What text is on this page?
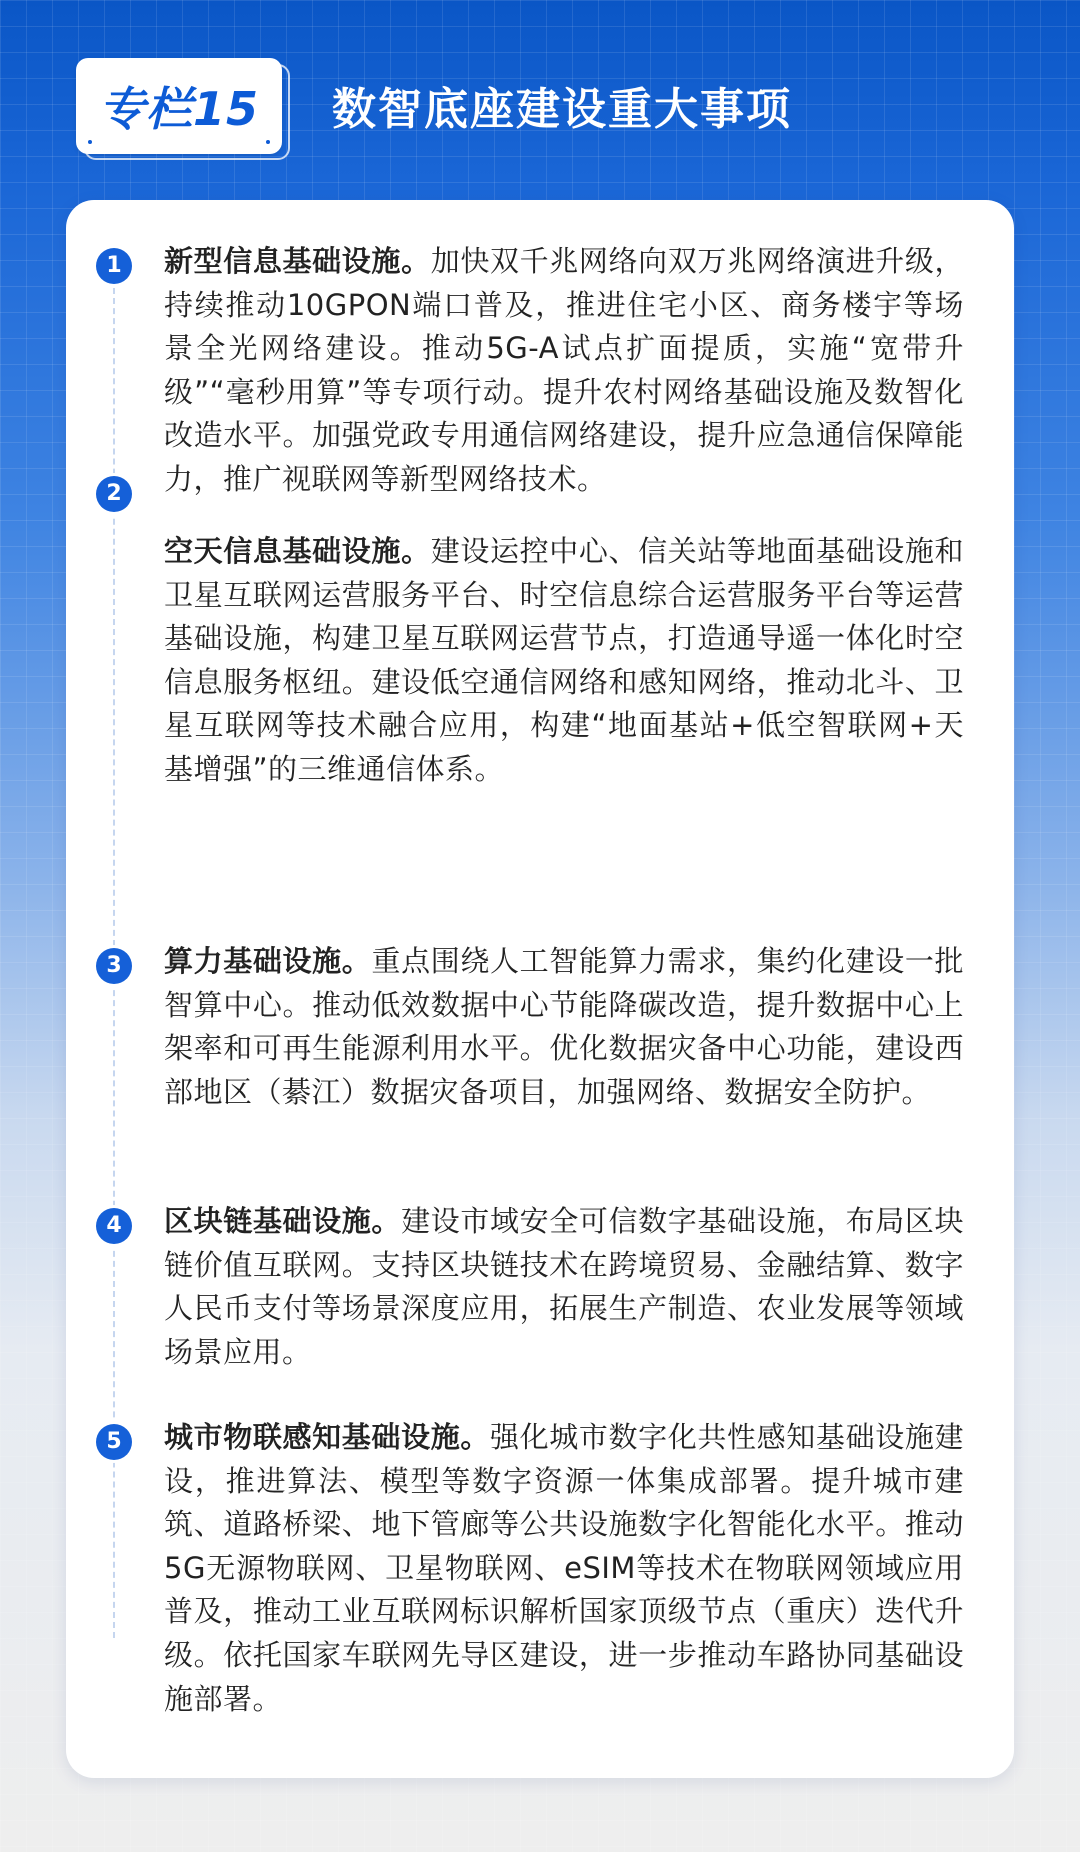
专栏15 数智底座建设重大事项
1	新型信息基础设施。加快双千兆网络向双万兆网络演进升级，持续推动10GPON端口普及，推进住宅小区、商务楼宇等场景全光网络建设。推动5G-A试点扩面提质，实施“宽带升级”“毫秒用算”等专项行动。提升农村网络基础设施及数智化改造水平。加强党政专用通信网络建设，提升应急通信保障能力，推广视联网等新型网络技术。

2

空天信息基础设施。建设运控中心、信关站等地面基础设施和卫星互联网运营服务平台、时空信息综合运营服务平台等运营基础设施，构建卫星互联网运营节点，打造通导遥一体化时空信息服务枢纽。建设低空通信网络和感知网络，推动北斗、卫星互联网等技术融合应用，构建“地面基站+低空智联网+天基增强”的三维通信体系。

3	算力基础设施。重点围绕人工智能算力需求，集约化建设一批智算中心。推动低效数据中心节能降碳改造，提升数据中心上架率和可再生能源利用水平。优化数据灾备中心功能，建设西部地区（綦江）数据灾备项目，加强网络、数据安全防护。

4	区块链基础设施。建设市域安全可信数字基础设施，布局区块链价值互联网。支持区块链技术在跨境贸易、金融结算、数字人民币支付等场景深度应用，拓展生产制造、农业发展等领域场景应用。

5	城市物联感知基础设施。强化城市数字化共性感知基础设施建设，推进算法、模型等数字资源一体集成部署。提升城市建筑、道路桥梁、地下管廊等公共设施数字化智能化水平。推动5G无源物联网、卫星物联网、eSIM等技术在物联网领域应用普及，推动工业互联网标识解析国家顶级节点（重庆）迭代升级。依托国家车联网先导区建设，进一步推动车路协同基础设施部署。
